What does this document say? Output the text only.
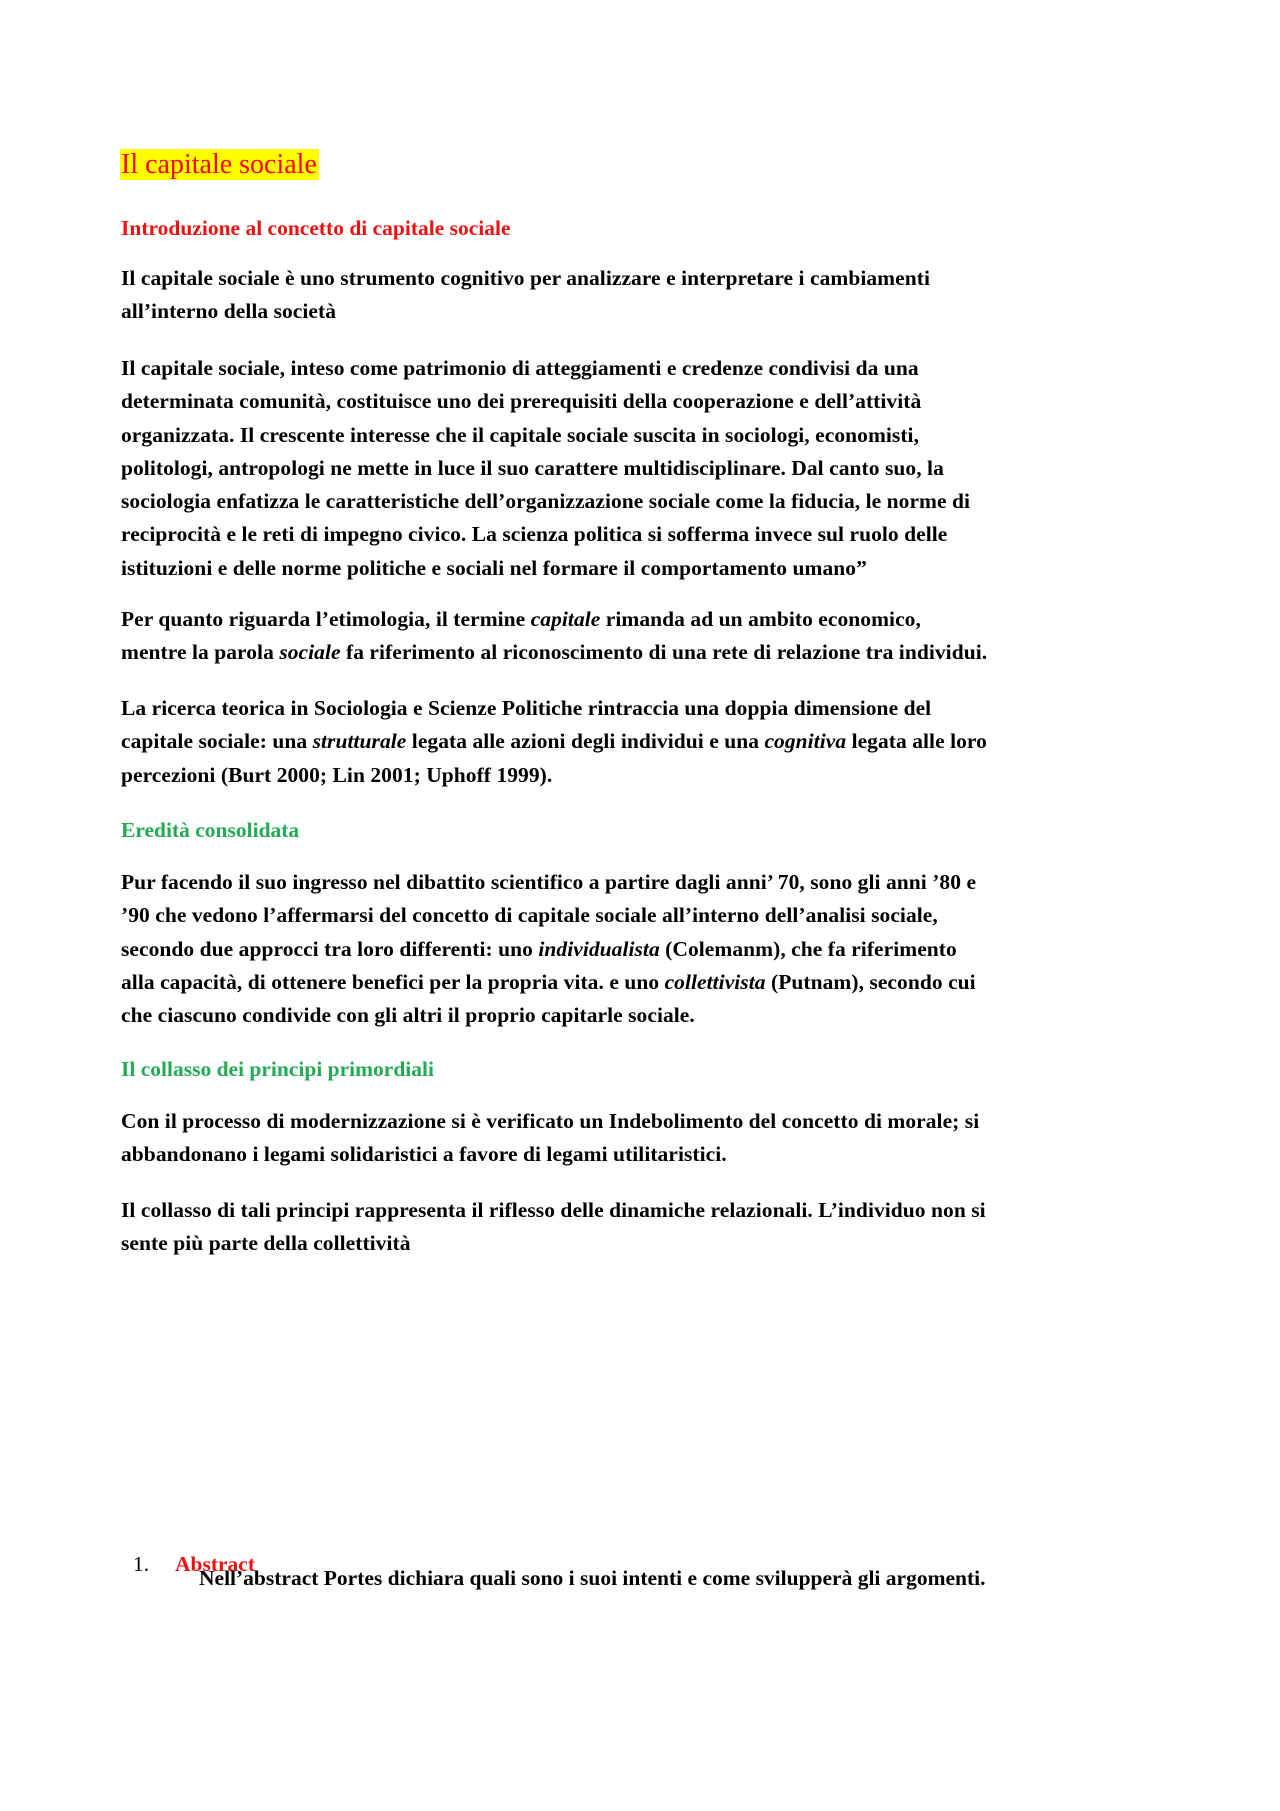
Il capitale sociale
Introduzione al concetto di capitale sociale

Il capitale sociale è uno strumento cognitivo per analizzare e interpretare i cambiamenti
all’interno della società

Il capitale sociale, inteso come patrimonio di atteggiamenti e credenze condivisi da una
determinata comunità, costituisce uno dei prerequisiti della cooperazione e dell’attività
organizzata. Il crescente interesse che il capitale sociale suscita in sociologi, economisti,
politologi, antropologi ne mette in luce il suo carattere multidisciplinare. Dal canto suo, la
sociologia enfatizza le caratteristiche dell’organizzazione sociale come la fiducia, le norme di
reciprocità e le reti di impegno civico. La scienza politica si sofferma invece sul ruolo delle
istituzioni e delle norme politiche e sociali nel formare il comportamento umano”

Per quanto riguarda l’etimologia, il termine capitale rimanda ad un ambito economico,
mentre la parola sociale fa riferimento al riconoscimento di una rete di relazione tra individui.

La ricerca teorica in Sociologia e Scienze Politiche rintraccia una doppia dimensione del
capitale sociale: una strutturale legata alle azioni degli individui e una cognitiva legata alle loro
percezioni (Burt 2000; Lin 2001; Uphoff 1999).

Eredità consolidata

Pur facendo il suo ingresso nel dibattito scientifico a partire dagli anni’ 70, sono gli anni ’80 e
’90 che vedono l’affermarsi del concetto di capitale sociale all’interno dell’analisi sociale,
secondo due approcci tra loro differenti: uno individualista (Colemanm), che fa riferimento
alla capacità, di ottenere benefici per la propria vita. e uno collettivista (Putnam), secondo cui
che ciascuno condivide con gli altri il proprio capitarle sociale.

Il collasso dei principi primordiali

Con il processo di modernizzazione si è verificato un Indebolimento del concetto di morale; si
abbandonano i legami solidaristici a favore di legami utilitaristici.

Il collasso di tali principi rappresenta il riflesso delle dinamiche relazionali. L’individuo non si
sente più parte della collettività

1. Abstract

Nell’abstract Portes dichiara quali sono i suoi intenti e come svilupperà gli argomenti.
